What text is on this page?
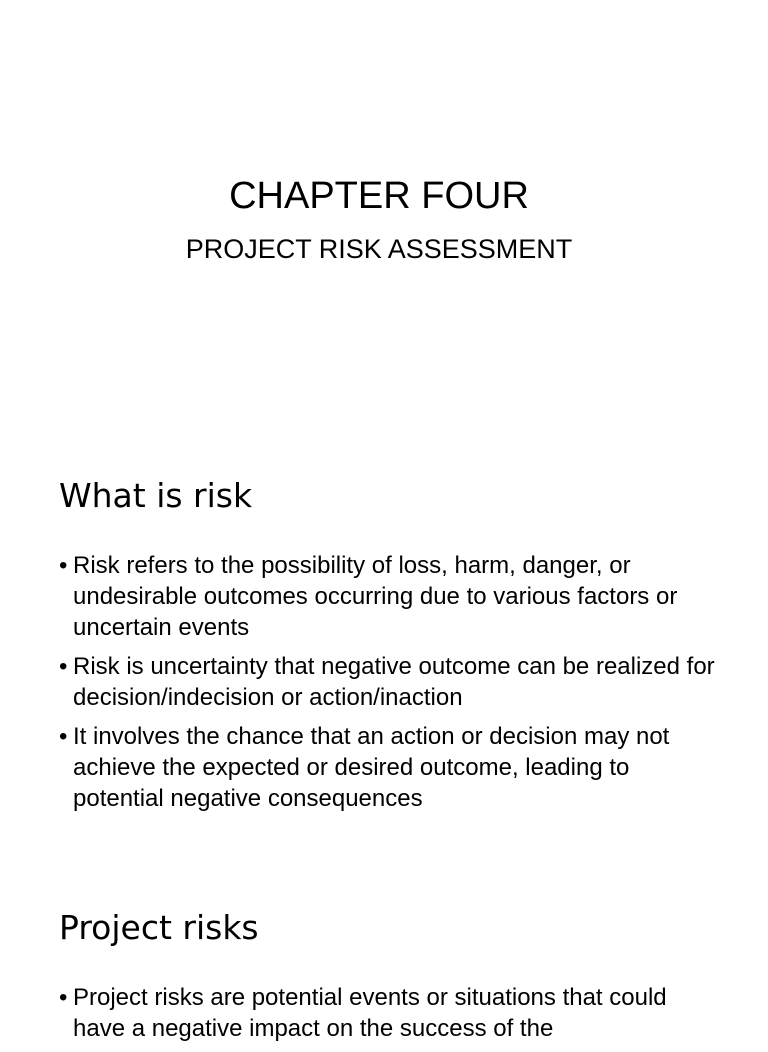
CHAPTER FOUR
PROJECT RISK ASSESSMENT
What is risk
• Risk refers to the possibility of loss, harm, danger, or undesirable outcomes occurring due to various factors or uncertain events
• Risk is uncertainty that negative outcome can be realized for decision/indecision or action/inaction
• It involves the chance that an action or decision may not achieve the expected or desired outcome, leading to potential negative consequences
Project risks
• Project risks are potential events or situations that could have a negative impact on the success of the
